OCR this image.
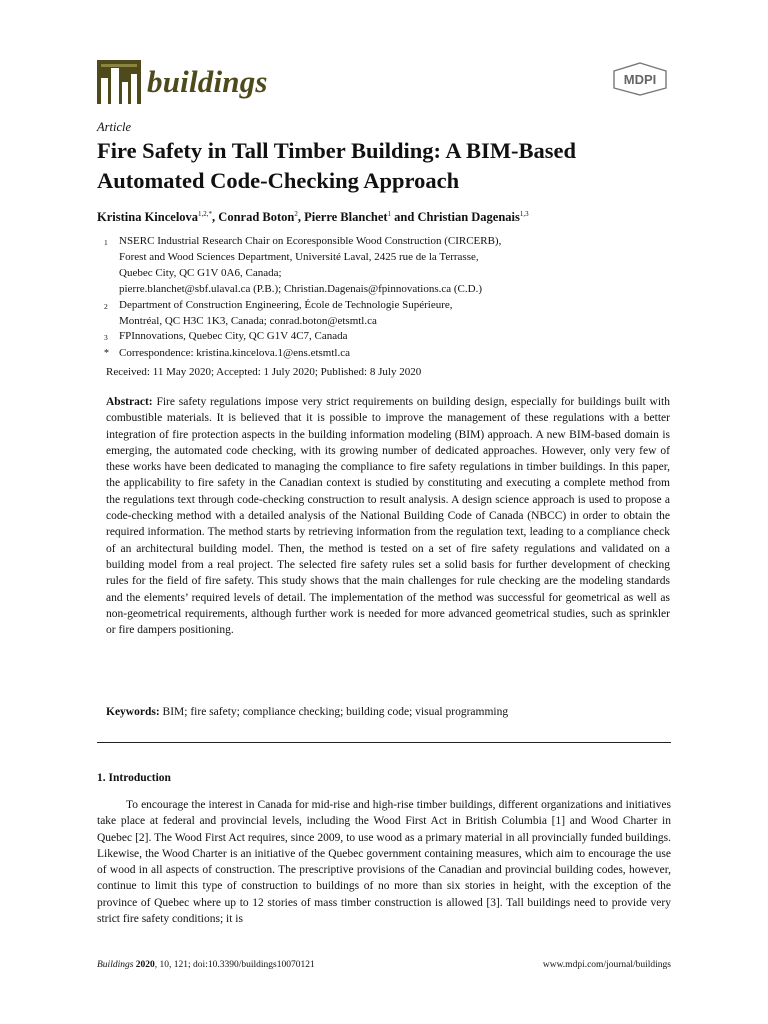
buildings	MDPI
Article
Fire Safety in Tall Timber Building: A BIM-Based Automated Code-Checking Approach
Kristina Kincelova$^{1,2,*}$, Conrad Boton$^2$, Pierre Blanchet$^1$ and Christian Dagenais$^{1,3}$
1	NSERC Industrial Research Chair on Ecoresponsible Wood Construction (CIRCERB),
Forest and Wood Sciences Department, Université Laval, 2425 rue de la Terrasse,
Quebec City, QC G1V 0A6, Canada;
pierre.blanchet@sbf.ulaval.ca (P.B.); Christian.Dagenais@fpinnovations.ca (C.D.)
2	Department of Construction Engineering, École de Technologie Supérieure,
Montréal, QC H3C 1K3, Canada; conrad.boton@etsmtl.ca
3	FPInnovations, Quebec City, QC G1V 4C7, Canada
* Correspondence: kristina.kincelova.1@ens.etsmtl.ca
Received: 11 May 2020; Accepted: 1 July 2020; Published: 8 July 2020
Abstract: Fire safety regulations impose very strict requirements on building design, especially for buildings built with combustible materials. It is believed that it is possible to improve the management of these regulations with a better integration of fire protection aspects in the building information modeling (BIM) approach. A new BIM-based domain is emerging, the automated code checking, with its growing number of dedicated approaches. However, only very few of these works have been dedicated to managing the compliance to fire safety regulations in timber buildings. In this paper, the applicability to fire safety in the Canadian context is studied by constituting and executing a complete method from the regulations text through code-checking construction to result analysis. A design science approach is used to propose a code-checking method with a detailed analysis of the National Building Code of Canada (NBCC) in order to obtain the required information. The method starts by retrieving information from the regulation text, leading to a compliance check of an architectural building model. Then, the method is tested on a set of fire safety regulations and validated on a building model from a real project. The selected fire safety rules set a solid basis for further development of checking rules for the field of fire safety. This study shows that the main challenges for rule checking are the modeling standards and the elements’ required levels of detail. The implementation of the method was successful for geometrical as well as non-geometrical requirements, although further work is needed for more advanced geometrical studies, such as sprinkler or fire dampers positioning.
Keywords: BIM; fire safety; compliance checking; building code; visual programming
1. Introduction
To encourage the interest in Canada for mid-rise and high-rise timber buildings, different organizations and initiatives take place at federal and provincial levels, including the Wood First Act in British Columbia [1] and Wood Charter in Quebec [2]. The Wood First Act requires, since 2009, to use wood as a primary material in all provincially funded buildings. Likewise, the Wood Charter is an initiative of the Quebec government containing measures, which aim to encourage the use of wood in all aspects of construction. The prescriptive provisions of the Canadian and provincial building codes, however, continue to limit this type of construction to buildings of no more than six stories in height, with the exception of the province of Quebec where up to 12 stories of mass timber construction is allowed [3]. Tall buildings need to provide very strict fire safety conditions; it is
Buildings 2020, 10, 121; doi:10.3390/buildings10070121	www.mdpi.com/journal/buildings
